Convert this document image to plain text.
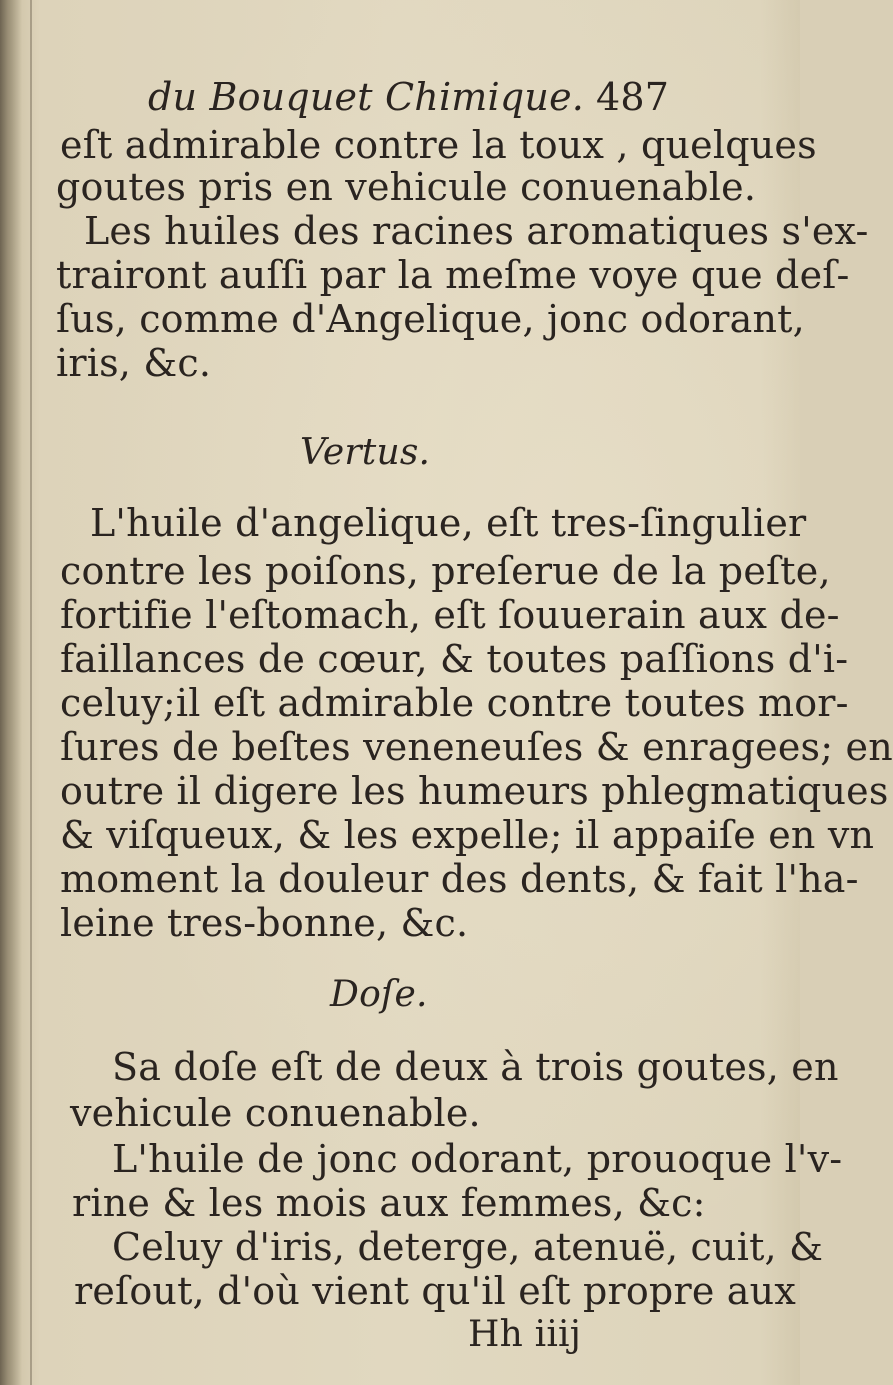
du Bouquet Chimique. 487
eſt admirable contre la toux , quelques
goutes pris en vehicule conuenable.
Les huiles des racines aromatiques s'ex-
trairont auſſi par la meſme voye que deſ-
ſus, comme d'Angelique, jonc odorant,
iris, &c.
Vertus.
L'huile d'angelique, eſt tres-ſingulier
contre les poiſons, preſerue de la peſte,
fortifie l'eſtomach, eſt ſouuerain aux de-
faillances de cœur, & toutes paſſions d'i-
celuy;il eſt admirable contre toutes mor-
ſures de beſtes veneneuſes & enragees; en
outre il digere les humeurs phlegmatiques
& viſqueux, & les expelle; il appaiſe en vn
moment la douleur des dents, & fait l'ha-
leine tres-bonne, &c.
Doſe.
Sa doſe eſt de deux à trois goutes, en
vehicule conuenable.
L'huile de jonc odorant, prouoque l'v-
rine & les mois aux femmes, &c:
Celuy d'iris, deterge, atenuë, cuit, &
reſout, d'où vient qu'il eſt propre aux
Hh iiij
